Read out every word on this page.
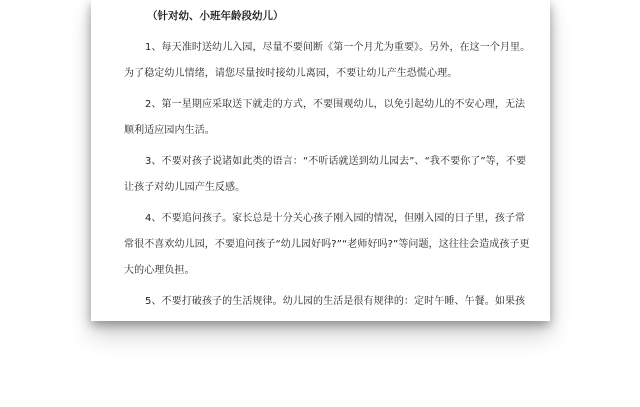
（针对幼、小班年龄段幼儿）
1、每天准时送幼儿入园，尽量不要间断《第一个月尤为重要》。另外，在这一个月里。
为了稳定幼儿情绪，请您尽量按时接幼儿离园，不要让幼儿产生恐慌心理。
2、第一星期应采取送下就走的方式，不要围观幼儿，以免引起幼儿的不安心理，无法
顺利适应园内生活。
3、不要对孩子说诸如此类的语言：“不听话就送到幼儿园去”、“我不要你了”等，不要
让孩子对幼儿园产生反感。
4、不要追问孩子。家长总是十分关心孩子刚入园的情况，但刚入园的日子里，孩子常
常很不喜欢幼儿园，不要追问孩子“幼儿园好吗?”“老师好吗?”等问题，这往往会造成孩子更
大的心理负担。
5、不要打破孩子的生活规律。幼儿园的生活是很有规律的：定时午睡、午餐。如果孩
